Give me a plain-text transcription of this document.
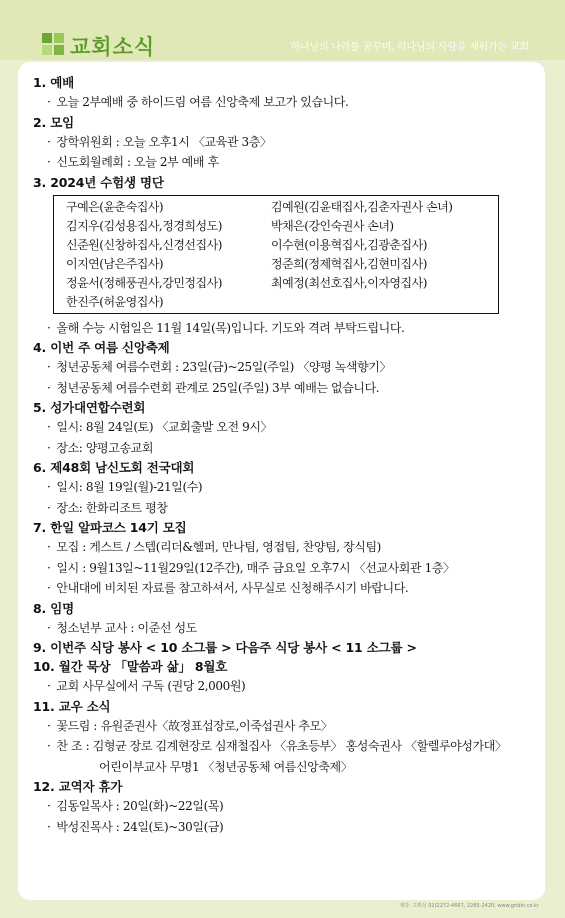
교회소식	하나님의 나라를 꿈꾸며, 하나님의 사람을 세워가는 교회
1. 예배
· 오늘 2부예배 중 하이드림 여름 신앙축제 보고가 있습니다.
2. 모임
· 장학위원회 : 오늘 오후1시 〈교육관 3층〉
· 신도회월례회 : 오늘 2부 예배 후
3. 2024년 수험생 명단
구예은(윤춘숙집사)	김예원(김윤태집사,김춘자권사 손녀)
김지우(김성용집사,정경희성도)	박채은(강인숙권사 손녀)
신준원(신창하집사,신경선집사)	이수현(이용혁집사,김광춘집사)
이지연(남은주집사)	정준희(정제혁집사,김현미집사)
정윤서(정해풍권사,강민정집사)	최예정(최선호집사,이자영집사)
한진주(허윤영집사)
· 올해 수능 시험일은 11월 14일(목)입니다. 기도와 격려 부탁드립니다.
4. 이번 주 여름 신앙축제
· 청년공동체 여름수련회 : 23일(금)~25일(주일) 〈양평 녹색향기〉
· 청년공동체 여름수련회 관계로 25일(주일) 3부 예배는 없습니다.
5. 성가대연합수련회
· 일시: 8월 24일(토) 〈교회출발 오전 9시〉
· 장소: 양평고송교회
6. 제48회 남신도회 전국대회
· 일시: 8월 19일(월)-21일(수)
· 장소: 한화리조트 평창
7. 한일 알파코스 14기 모집
· 모집 : 게스트 / 스텝(리더&헬퍼, 만나팀, 영접팀, 찬양팀, 장식팀)
· 일시 : 9월13일~11월29일(12주간), 매주 금요일 오후7시 〈선교사회관 1층〉
· 안내대에 비치된 자료를 참고하셔서, 사무실로 신청해주시기 바랍니다.
8. 임명
· 청소년부 교사 : 이준선 성도
9. 이번주 식당 봉사 < 10 소그룹 > 다음주 식당 봉사 < 11 소그룹 >
10. 월간 묵상 「말씀과 삶」 8월호
· 교회 사무실에서 구독 (권당 2,000원)
11. 교우 소식
· 꽃드림 : 유원준권사〈故정표섭장로,이죽섭권사 추모〉
· 찬 조 : 김형균 장로 김계현장로 심재철집사 〈유초등부〉 홍성숙권사 〈할렐루야성가대〉
어린이부교사 무명1 〈청년공동체 여름신앙축제〉
12. 교역자 휴가
· 김동일목사 : 20일(화)~22일(목)
· 박성진목사 : 24일(토)~30일(금)
제작: 그뤼싱 02)2272-4667, 2265-2420, www.gridin.co.kr
